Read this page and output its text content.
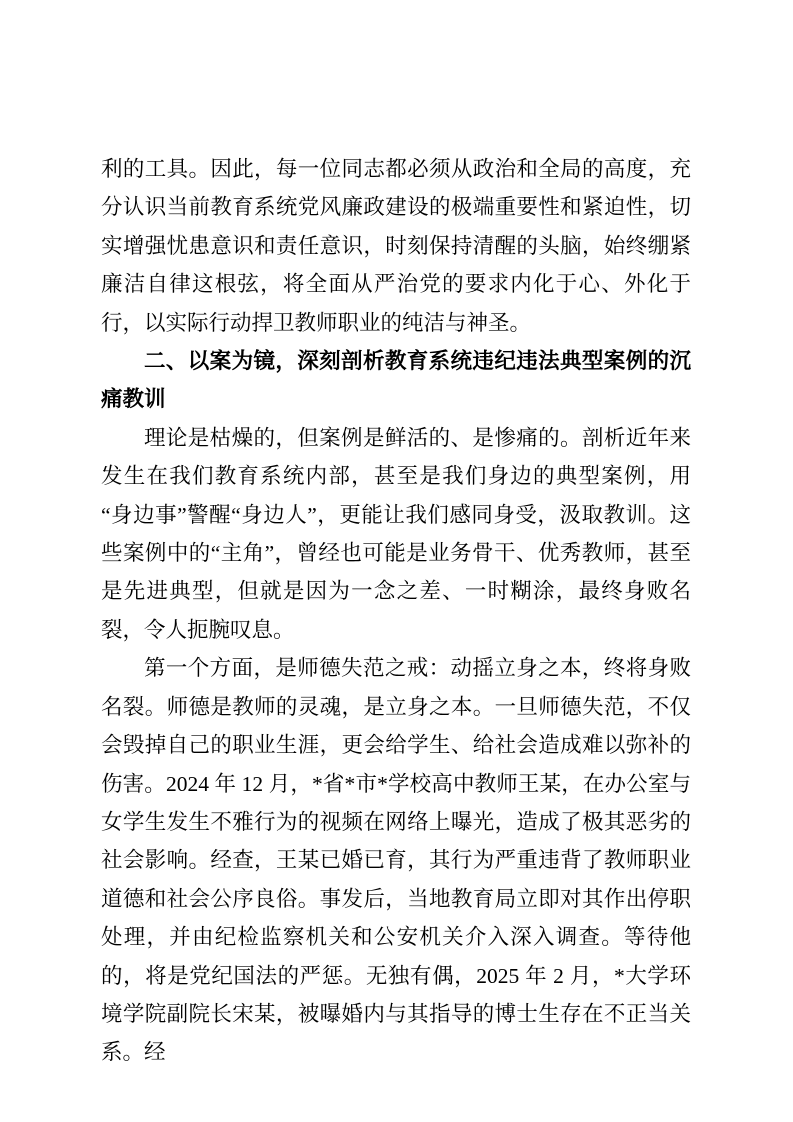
利的工具。因此，每一位同志都必须从政治和全局的高度，充分认识当前教育系统党风廉政建设的极端重要性和紧迫性，切实增强忧患意识和责任意识，时刻保持清醒的头脑，始终绷紧廉洁自律这根弦，将全面从严治党的要求内化于心、外化于行，以实际行动捍卫教师职业的纯洁与神圣。

二、以案为镜，深刻剖析教育系统违纪违法典型案例的沉痛教训

理论是枯燥的，但案例是鲜活的、是惨痛的。剖析近年来发生在我们教育系统内部，甚至是我们身边的典型案例，用“身边事”警醒“身边人”，更能让我们感同身受，汲取教训。这些案例中的“主角”，曾经也可能是业务骨干、优秀教师，甚至是先进典型，但就是因为一念之差、一时糊涂，最终身败名裂，令人扼腕叹息。

第一个方面，是师德失范之戒：动摇立身之本，终将身败名裂。师德是教师的灵魂，是立身之本。一旦师德失范，不仅会毁掉自己的职业生涯，更会给学生、给社会造成难以弥补的伤害。2024 年 12 月，*省*市*学校高中教师王某，在办公室与女学生发生不雅行为的视频在网络上曝光，造成了极其恶劣的社会影响。经查，王某已婚已育，其行为严重违背了教师职业道德和社会公序良俗。事发后，当地教育局立即对其作出停职处理，并由纪检监察机关和公安机关介入深入调查。等待他的，将是党纪国法的严惩。无独有偶，2025 年 2 月，*大学环境学院副院长宋某，被曝婚内与其指导的博士生存在不正当关系。经
